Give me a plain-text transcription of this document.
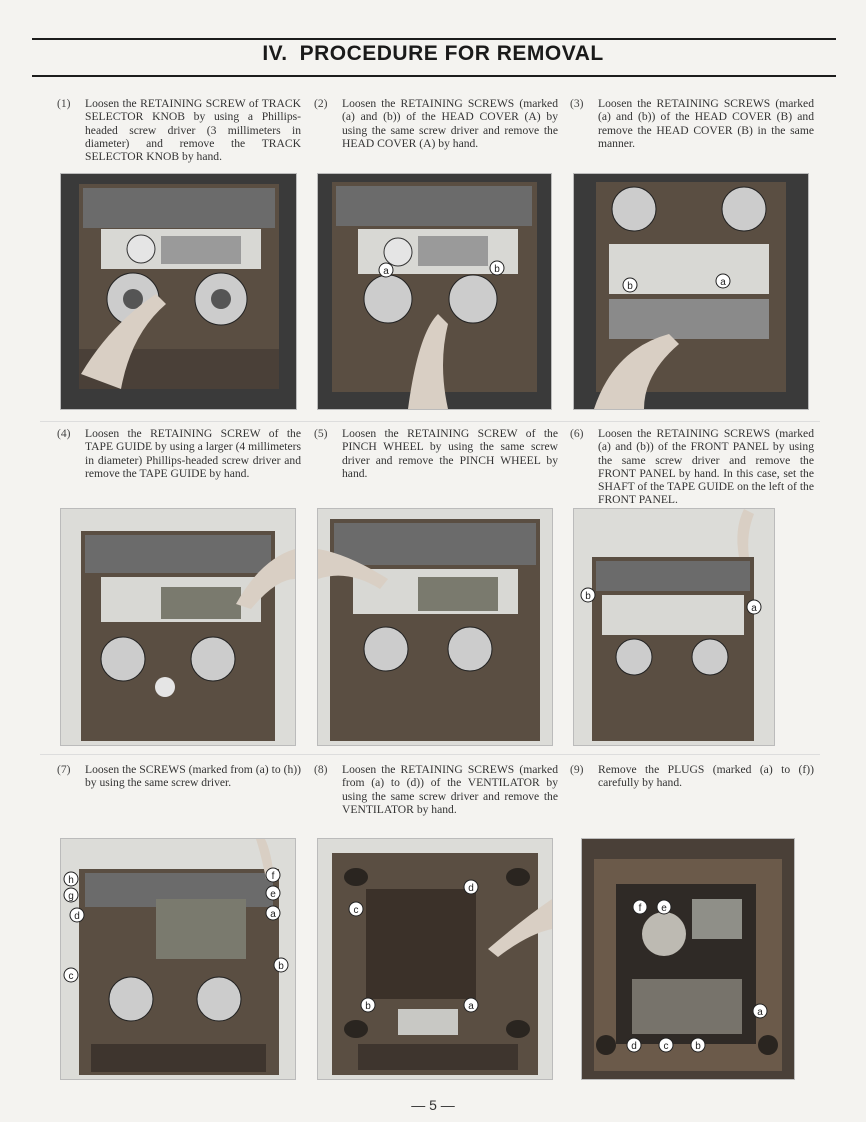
IV. PROCEDURE FOR REMOVAL
(1)	Loosen the RETAINING SCREW of TRACK SELECTOR KNOB by using a Phillips-headed screw driver (3 millimeters in diameter) and remove the TRACK SELECTOR KNOB by hand.
(2)	Loosen the RETAINING SCREWS (marked (a) and (b)) of the HEAD COVER (A) by using the same screw driver and remove the HEAD COVER (A) by hand.
(3)	Loosen the RETAINING SCREWS (marked (a) and (b)) of the HEAD COVER (B) and remove the HEAD COVER (B) in the same manner.
a	b
b	a
(4)	Loosen the RETAINING SCREW of the TAPE GUIDE by using a larger (4 millimeters in diameter) Phillips-headed screw driver and remove the TAPE GUIDE by hand.
(5)	Loosen the RETAINING SCREW of the PINCH WHEEL by using the same screw driver and remove the PINCH WHEEL by hand.
(6)	Loosen the RETAINING SCREWS (marked (a) and (b)) of the FRONT PANEL by using the same screw driver and remove the FRONT PANEL by hand. In this case, set the SHAFT of the TAPE GUIDE on the left of the FRONT PANEL.
b
a
(7)	Loosen the SCREWS (marked from (a) to (h)) by using the same screw driver.
(8)	Loosen the RETAINING SCREWS (marked from (a) to (d)) of the VENTILATOR by using the same screw driver and remove the VENTILATOR by hand.
(9)	Remove the PLUGS (marked (a) to (f)) carefully by hand.
h
g
d
f
e
a
c
b
d
c
b	a
f e
d	c	b
a
— 5 —
